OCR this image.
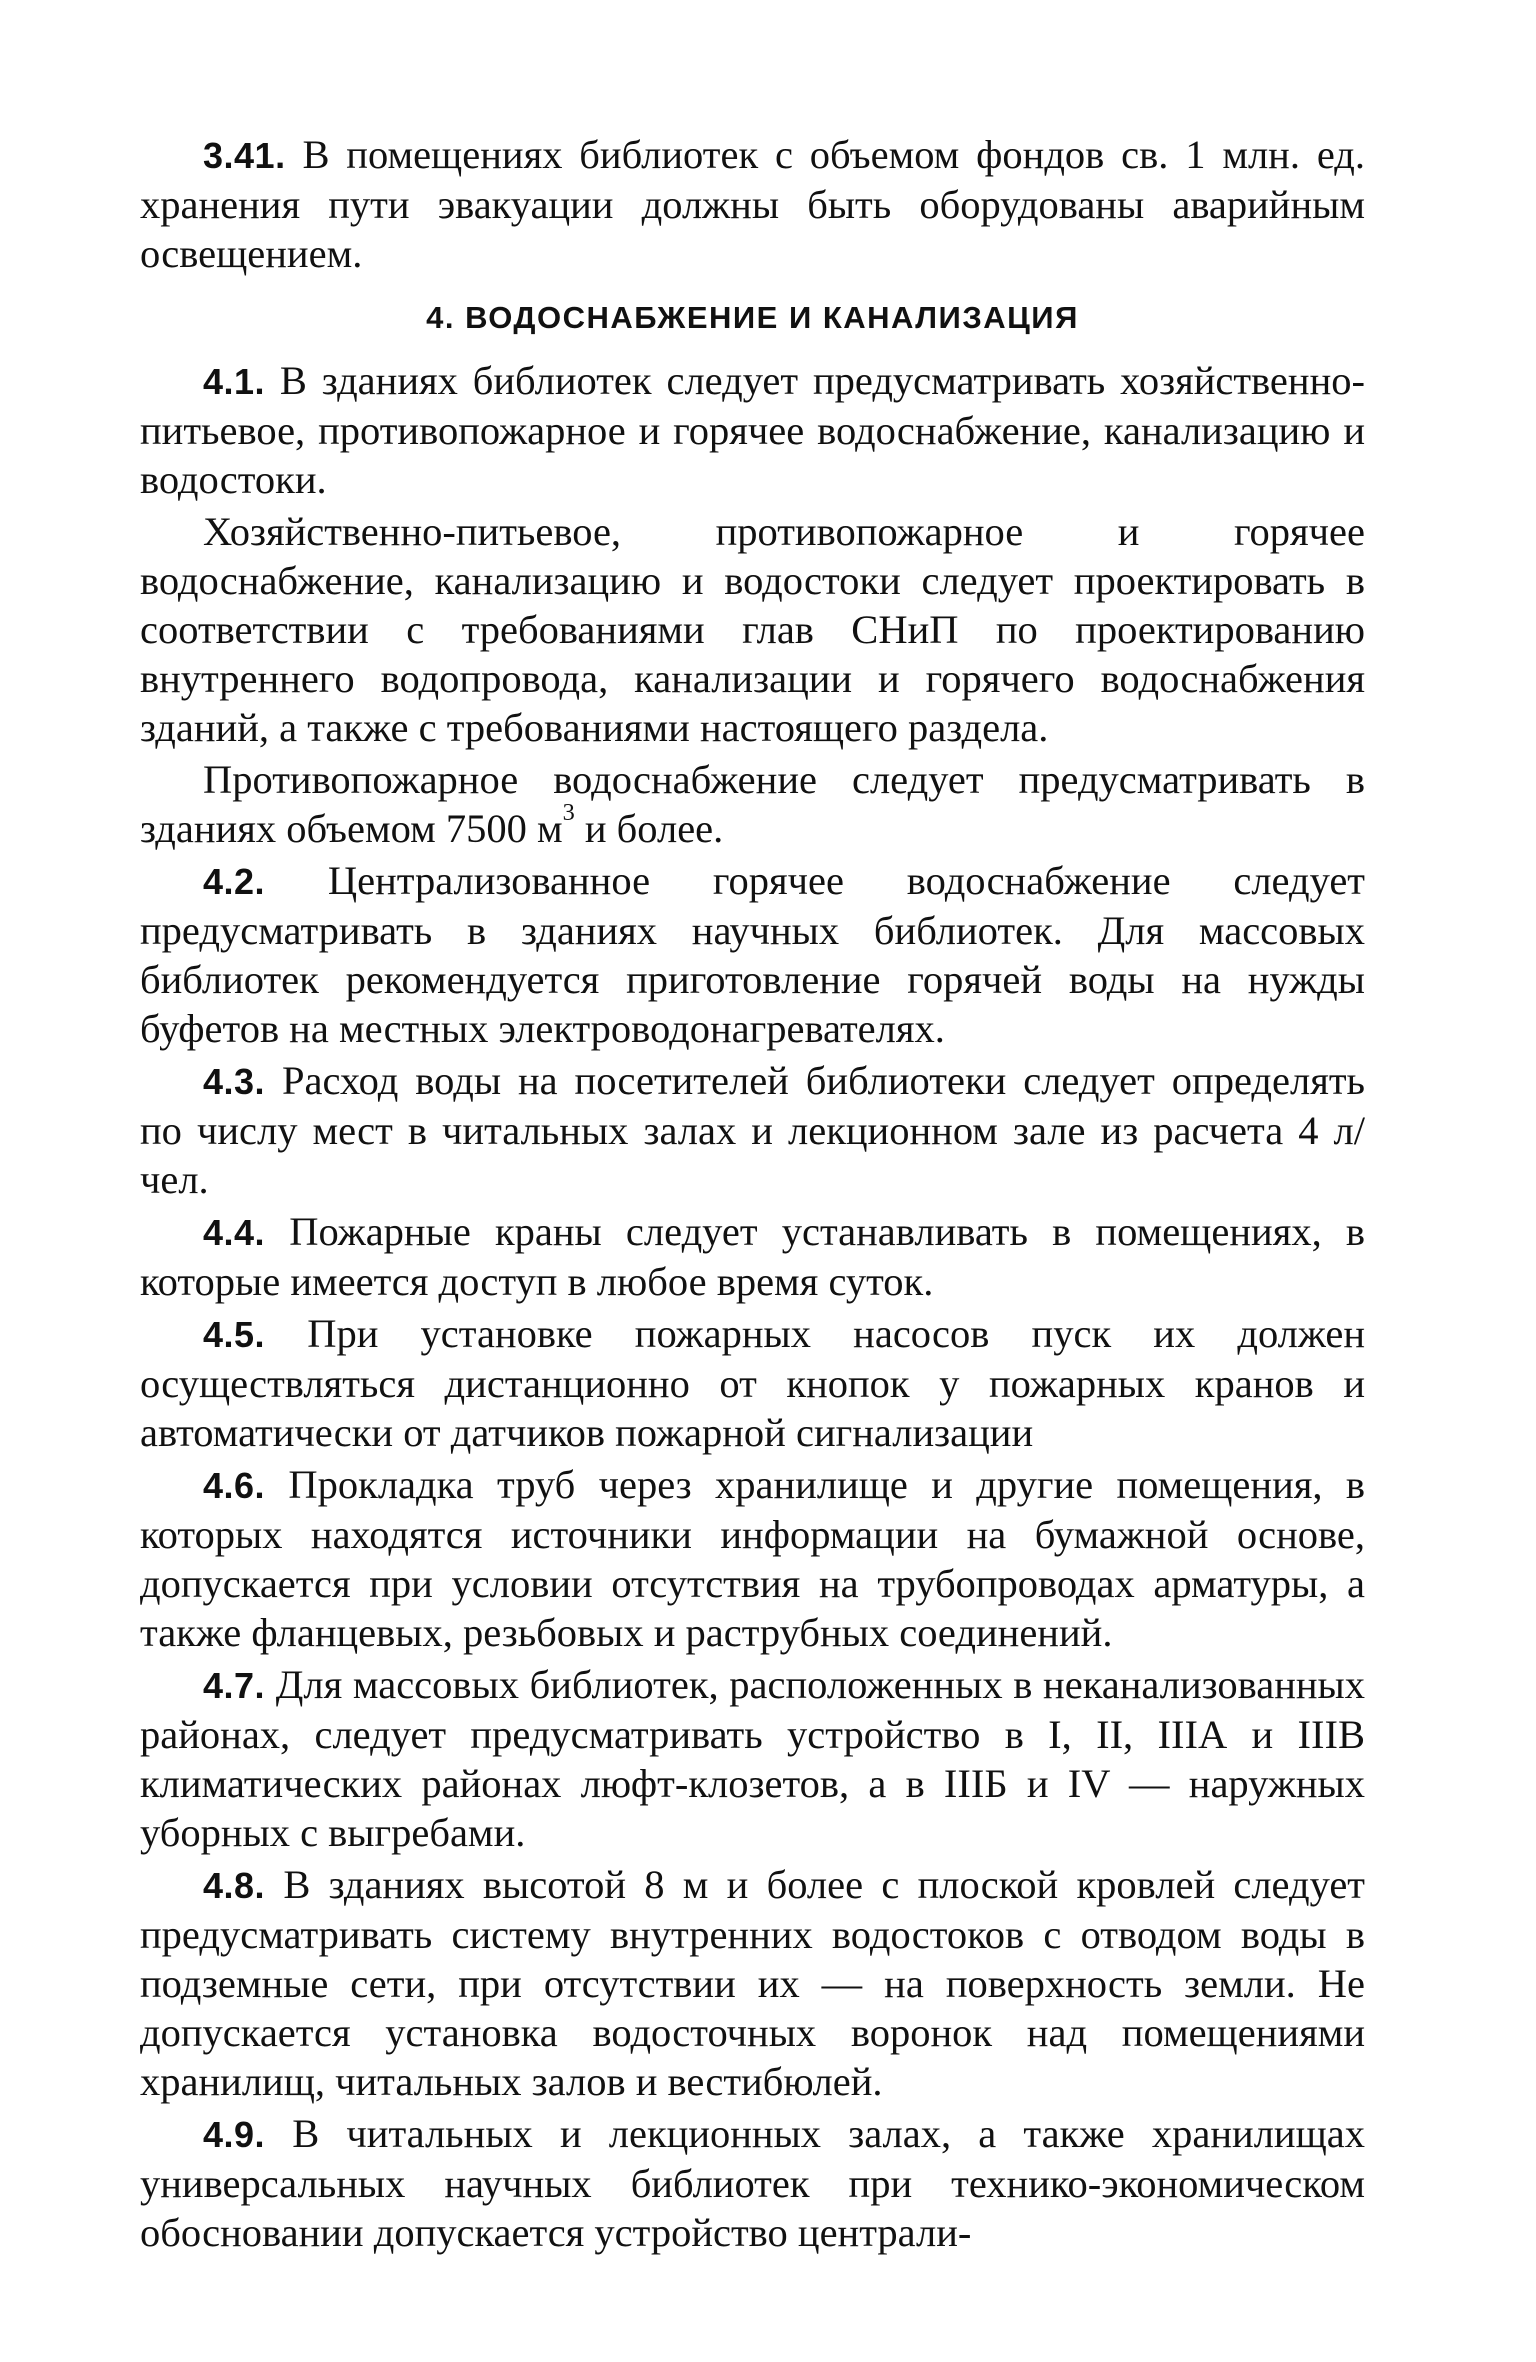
3.41. В помещениях библиотек с объемом фондов св. 1 млн. ед. хранения пути эвакуации должны быть оборудованы аварийным освещением.

4. ВОДОСНАБЖЕНИЕ И КАНАЛИЗАЦИЯ

4.1. В зданиях библиотек следует предусматривать хозяйственно-питьевое, противопожарное и горячее водоснабжение, канализацию и водостоки.

Хозяйственно-питьевое, противопожарное и горячее водоснабжение, канализацию и водостоки следует проектировать в соответствии с требованиями глав СНиП по проектированию внутреннего водопровода, канализации и горячего водоснабжения зданий, а также с требованиями настоящего раздела.

Противопожарное водоснабжение следует предусматривать в зданиях объемом 7500 $м^3$ и более.

4.2. Централизованное горячее водоснабжение следует предусматривать в зданиях научных библиотек. Для массовых библиотек рекомендуется приготовление горячей воды на нужды буфетов на местных электроводонагревателях.

4.3. Расход воды на посетителей библиотеки следует определять по числу мест в читальных залах и лекционном зале из расчета 4 л/чел.

4.4. Пожарные краны следует устанавливать в помещениях, в которые имеется доступ в любое время суток.

4.5. При установке пожарных насосов пуск их должен осуществляться дистанционно от кнопок у пожарных кранов и автоматически от датчиков пожарной сигнализации

4.6. Прокладка труб через хранилище и другие помещения, в которых находятся источники информации на бумажной основе, допускается при условии отсутствия на трубопроводах арматуры, а также фланцевых, резьбовых и раструбных соединений.

4.7. Для массовых библиотек, расположенных в неканализованных районах, следует предусматривать устройство в I, II, IIIА и IIIВ климатических районах люфт-клозетов, а в IIIБ и IV — наружных уборных с выгребами.

4.8. В зданиях высотой 8 м и более с плоской кровлей следует предусматривать систему внутренних водостоков с отводом воды в подземные сети, при отсутствии их — на поверхность земли. Не допускается установка водосточных воронок над помещениями хранилищ, читальных залов и вестибюлей.

4.9. В читальных и лекционных залах, а также хранилищах универсальных научных библиотек при технико-экономическом обосновании допускается устройство централи-
